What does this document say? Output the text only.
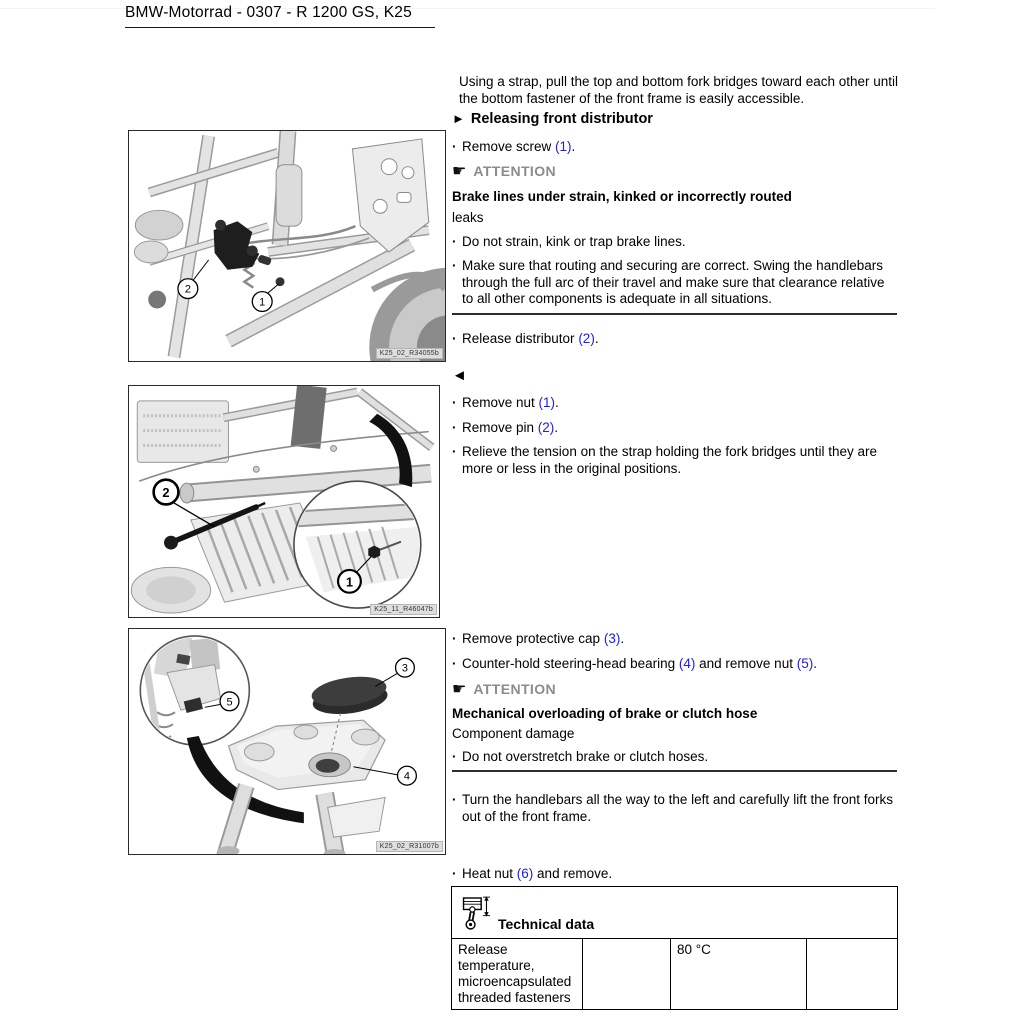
BMW-Motorrad - 0307 - R 1200 GS, K25
2
1
K25_02_R34055b
2
1
K25_11_R46047b
5
3
4
K25_02_R31007b
Using a strap, pull the top and bottom fork bridges toward each other until the bottom fastener of the front frame is easily accessible.
► Releasing front distributor
· Remove screw (1).
☛ ATTENTION
Brake lines under strain, kinked or incorrectly routed
leaks
· Do not strain, kink or trap brake lines.
· Make sure that routing and securing are correct. Swing the handlebars through the full arc of their travel and make sure that clearance relative to all other components is adequate in all situations.
· Release distributor (2).
◄
· Remove nut (1).
· Remove pin (2).
· Relieve the tension on the strap holding the fork bridges until they are more or less in the original positions.
· Remove protective cap (3).
· Counter-hold steering-head bearing (4) and remove nut (5).
☛ ATTENTION
Mechanical overloading of brake or clutch hose
Component damage
· Do not overstretch brake or clutch hoses.
· Turn the handlebars all the way to the left and carefully lift the front forks out of the front frame.
· Heat nut (6) and remove.
Technical data
Release temperature, microencapsulated threaded fasteners
80 °C
